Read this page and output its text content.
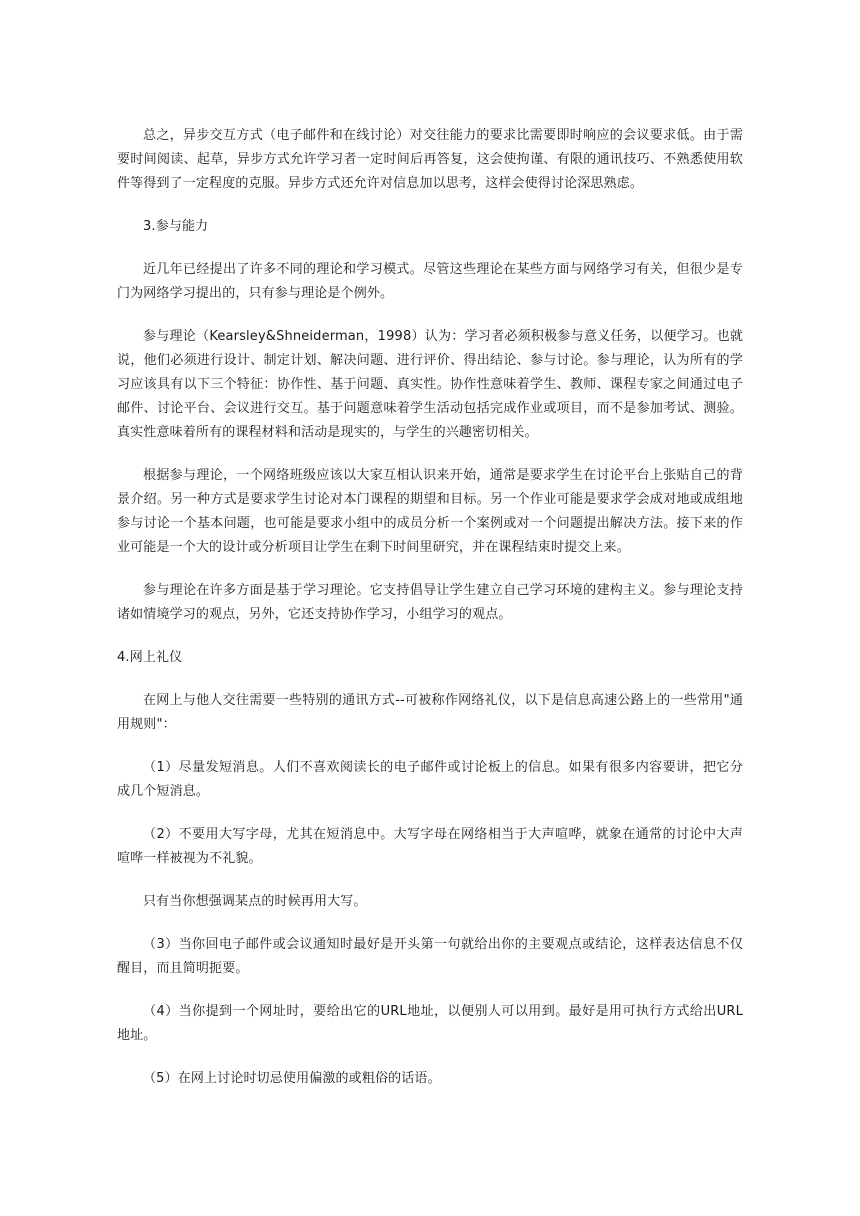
总之，异步交互方式（电子邮件和在线讨论）对交往能力的要求比需要即时响应的会议要求低。由于需要时间阅读、起草，异步方式允许学习者一定时间后再答复，这会使拘谨、有限的通讯技巧、不熟悉使用软件等得到了一定程度的克服。异步方式还允许对信息加以思考，这样会使得讨论深思熟虑。

3.参与能力

近几年已经提出了许多不同的理论和学习模式。尽管这些理论在某些方面与网络学习有关，但很少是专门为网络学习提出的，只有参与理论是个例外。

参与理论（Kearsley&Shneiderman，1998）认为：学习者必须积极参与意义任务，以便学习。也就说，他们必须进行设计、制定计划、解决问题、进行评价、得出结论、参与讨论。参与理论，认为所有的学习应该具有以下三个特征：协作性、基于问题、真实性。协作性意味着学生、教师、课程专家之间通过电子邮件、讨论平台、会议进行交互。基于问题意味着学生活动包括完成作业或项目，而不是参加考试、测验。真实性意味着所有的课程材料和活动是现实的，与学生的兴趣密切相关。

根据参与理论，一个网络班级应该以大家互相认识来开始，通常是要求学生在讨论平台上张贴自己的背景介绍。另一种方式是要求学生讨论对本门课程的期望和目标。另一个作业可能是要求学会成对地或成组地参与讨论一个基本问题，也可能是要求小组中的成员分析一个案例或对一个问题提出解决方法。接下来的作业可能是一个大的设计或分析项目让学生在剩下时间里研究，并在课程结束时提交上来。

参与理论在许多方面是基于学习理论。它支持倡导让学生建立自己学习环境的建构主义。参与理论支持诸如情境学习的观点，另外，它还支持协作学习，小组学习的观点。

4.网上礼仪

在网上与他人交往需要一些特别的通讯方式--可被称作网络礼仪，以下是信息高速公路上的一些常用"通用规则"：

（1）尽量发短消息。人们不喜欢阅读长的电子邮件或讨论板上的信息。如果有很多内容要讲，把它分成几个短消息。

（2）不要用大写字母，尤其在短消息中。大写字母在网络相当于大声喧哗，就象在通常的讨论中大声喧哗一样被视为不礼貌。

只有当你想强调某点的时候再用大写。

（3）当你回电子邮件或会议通知时最好是开头第一句就给出你的主要观点或结论，这样表达信息不仅醒目，而且简明扼要。

（4）当你提到一个网址时，要给出它的URL地址，以便别人可以用到。最好是用可执行方式给出URL地址。

（5）在网上讨论时切忌使用偏激的或粗俗的话语。
